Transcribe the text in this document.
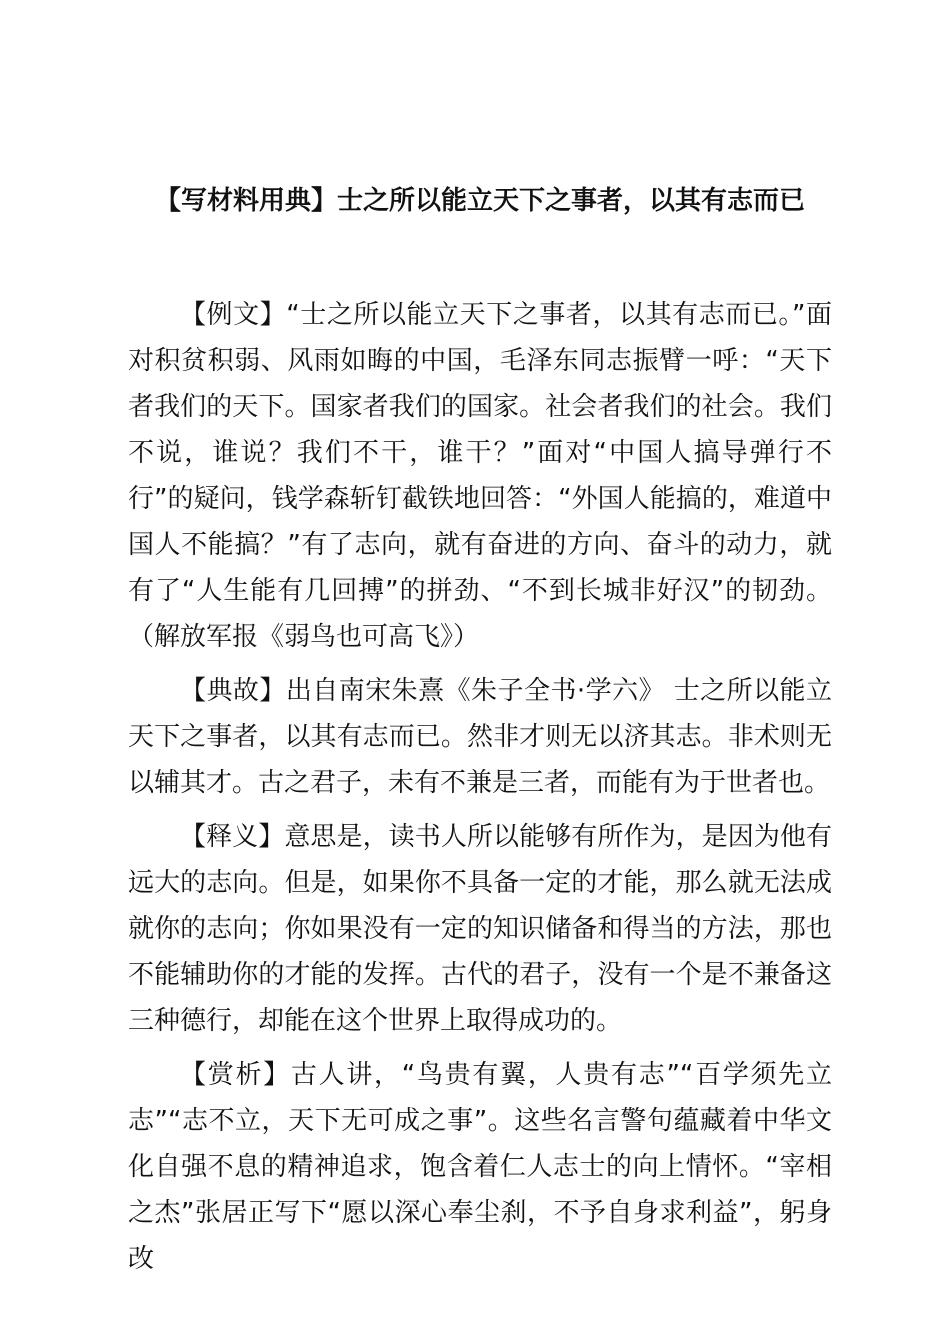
【写材料用典】士之所以能立天下之事者，以其有志而已

【例文】“士之所以能立天下之事者，以其有志而已。”面对积贫积弱、风雨如晦的中国，毛泽东同志振臂一呼：“天下者我们的天下。国家者我们的国家。社会者我们的社会。我们不说，谁说？我们不干，谁干？”面对“中国人搞导弹行不行”的疑问，钱学森斩钉截铁地回答：“外国人能搞的，难道中国人不能搞？”有了志向，就有奋进的方向、奋斗的动力，就有了“人生能有几回搏”的拼劲、“不到长城非好汉”的韧劲。（解放军报《弱鸟也可高飞》）

【典故】出自南宋朱熹《朱子全书·学六》 士之所以能立天下之事者，以其有志而已。然非才则无以济其志。非术则无以辅其才。古之君子，未有不兼是三者，而能有为于世者也。

【释义】意思是，读书人所以能够有所作为，是因为他有远大的志向。但是，如果你不具备一定的才能，那么就无法成就你的志向；你如果没有一定的知识储备和得当的方法，那也不能辅助你的才能的发挥。古代的君子，没有一个是不兼备这三种德行，却能在这个世界上取得成功的。

【赏析】古人讲，“鸟贵有翼，人贵有志”“百学须先立志”“志不立，天下无可成之事”。这些名言警句蕴藏着中华文化自强不息的精神追求，饱含着仁人志士的向上情怀。“宰相之杰”张居正写下“愿以深心奉尘刹，不予自身求利益”，躬身改
